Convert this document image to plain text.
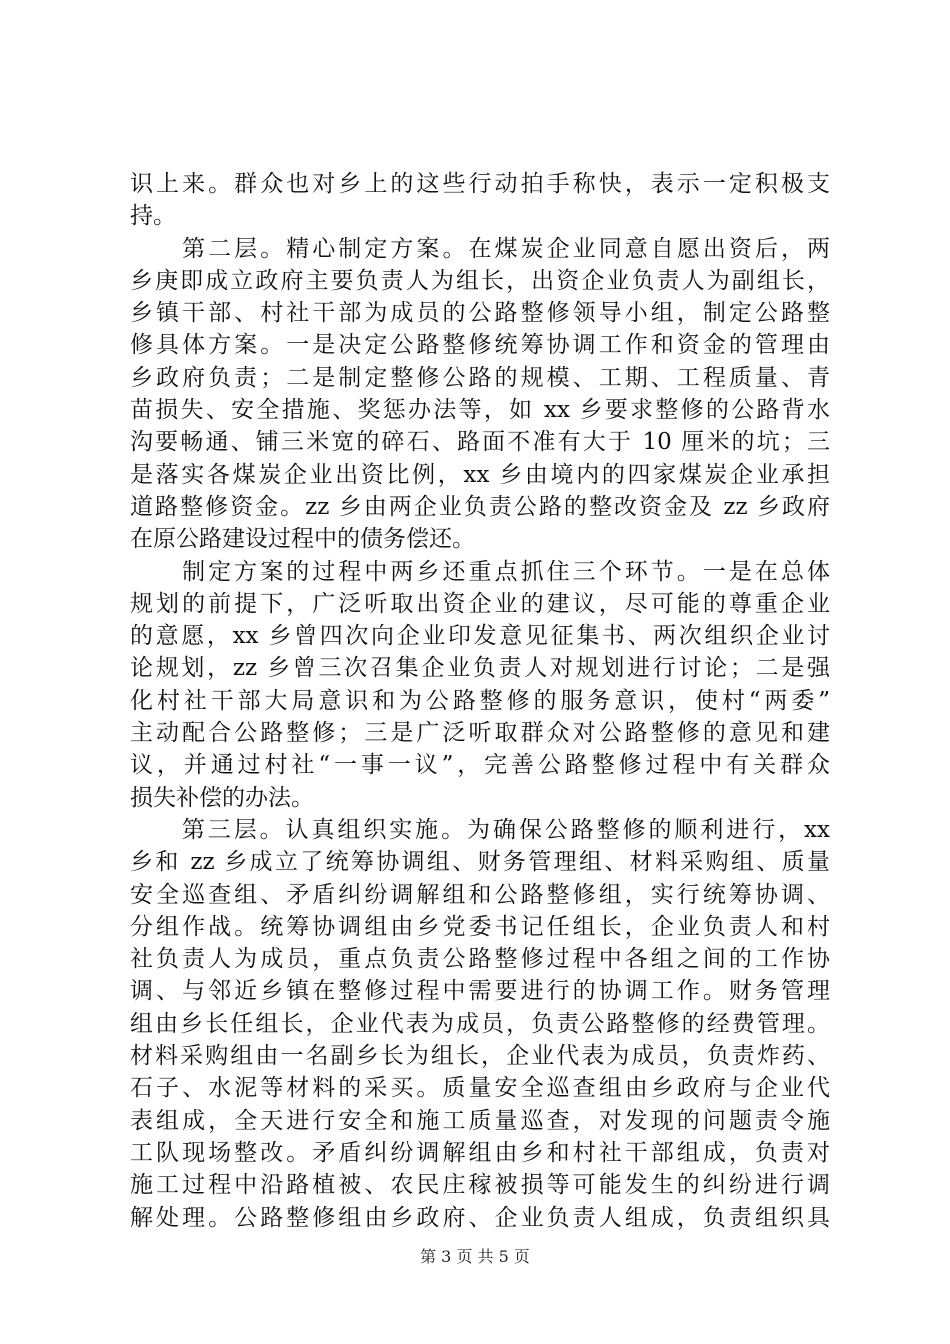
识上来。群众也对乡上的这些行动拍手称快，表示一定积极支
持。
　　第二层。精心制定方案。在煤炭企业同意自愿出资后，两
乡庚即成立政府主要负责人为组长，出资企业负责人为副组长，
乡镇干部、村社干部为成员的公路整修领导小组，制定公路整
修具体方案。一是决定公路整修统筹协调工作和资金的管理由
乡政府负责；二是制定整修公路的规模、工期、工程质量、青
苗损失、安全措施、奖惩办法等，如 xx 乡要求整修的公路背水
沟要畅通、铺三米宽的碎石、路面不准有大于 10 厘米的坑；三
是落实各煤炭企业出资比例，xx 乡由境内的四家煤炭企业承担
道路整修资金。zz 乡由两企业负责公路的整改资金及 zz 乡政府
在原公路建设过程中的债务偿还。
　　制定方案的过程中两乡还重点抓住三个环节。一是在总体
规划的前提下，广泛听取出资企业的建议，尽可能的尊重企业
的意愿，xx 乡曾四次向企业印发意见征集书、两次组织企业讨
论规划，zz 乡曾三次召集企业负责人对规划进行讨论；二是强
化村社干部大局意识和为公路整修的服务意识，使村“两委”
主动配合公路整修；三是广泛听取群众对公路整修的意见和建
议，并通过村社“一事一议”，完善公路整修过程中有关群众
损失补偿的办法。
　　第三层。认真组织实施。为确保公路整修的顺利进行，xx
乡和 zz 乡成立了统筹协调组、财务管理组、材料采购组、质量
安全巡查组、矛盾纠纷调解组和公路整修组，实行统筹协调、
分组作战。统筹协调组由乡党委书记任组长，企业负责人和村
社负责人为成员，重点负责公路整修过程中各组之间的工作协
调、与邻近乡镇在整修过程中需要进行的协调工作。财务管理
组由乡长任组长，企业代表为成员，负责公路整修的经费管理。
材料采购组由一名副乡长为组长，企业代表为成员，负责炸药、
石子、水泥等材料的采买。质量安全巡查组由乡政府与企业代
表组成，全天进行安全和施工质量巡查，对发现的问题责令施
工队现场整改。矛盾纠纷调解组由乡和村社干部组成，负责对
施工过程中沿路植被、农民庄稼被损等可能发生的纠纷进行调
解处理。公路整修组由乡政府、企业负责人组成，负责组织具
第 3 页 共 5 页
